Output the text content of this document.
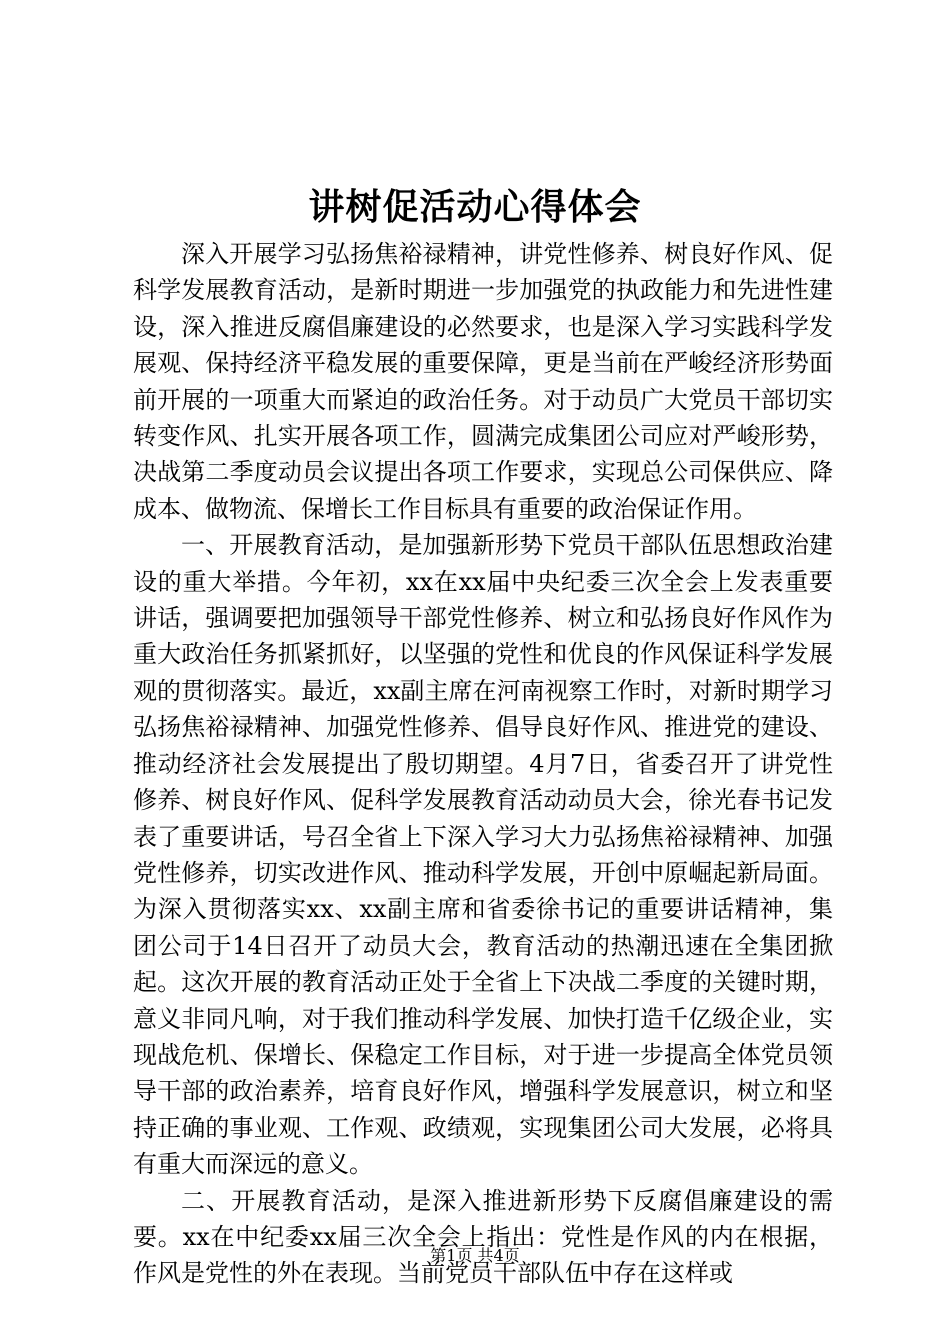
讲树促活动心得体会

深入开展学习弘扬焦裕禄精神，讲党性修养、树良好作风、促科学发展教育活动，是新时期进一步加强党的执政能力和先进性建设，深入推进反腐倡廉建设的必然要求，也是深入学习实践科学发展观、保持经济平稳发展的重要保障，更是当前在严峻经济形势面前开展的一项重大而紧迫的政治任务。对于动员广大党员干部切实转变作风、扎实开展各项工作，圆满完成集团公司应对严峻形势，决战第二季度动员会议提出各项工作要求，实现总公司保供应、降成本、做物流、保增长工作目标具有重要的政治保证作用。

一、开展教育活动，是加强新形势下党员干部队伍思想政治建设的重大举措。今年初，xx在xx届中央纪委三次全会上发表重要讲话，强调要把加强领导干部党性修养、树立和弘扬良好作风作为重大政治任务抓紧抓好，以坚强的党性和优良的作风保证科学发展观的贯彻落实。最近，xx副主席在河南视察工作时，对新时期学习弘扬焦裕禄精神、加强党性修养、倡导良好作风、推进党的建设、推动经济社会发展提出了殷切期望。4月7日，省委召开了讲党性修养、树良好作风、促科学发展教育活动动员大会，徐光春书记发表了重要讲话，号召全省上下深入学习大力弘扬焦裕禄精神、加强党性修养，切实改进作风、推动科学发展，开创中原崛起新局面。为深入贯彻落实xx、xx副主席和省委徐书记的重要讲话精神，集团公司于14日召开了动员大会，教育活动的热潮迅速在全集团掀起。这次开展的教育活动正处于全省上下决战二季度的关键时期，意义非同凡响，对于我们推动科学发展、加快打造千亿级企业，实现战危机、保增长、保稳定工作目标，对于进一步提高全体党员领导干部的政治素养，培育良好作风，增强科学发展意识，树立和坚持正确的事业观、工作观、政绩观，实现集团公司大发展，必将具有重大而深远的意义。

二、开展教育活动，是深入推进新形势下反腐倡廉建设的需要。xx在中纪委xx届三次全会上指出：党性是作风的内在根据，作风是党性的外在表现。当前党员干部队伍中存在这样或

第1页 共4页
